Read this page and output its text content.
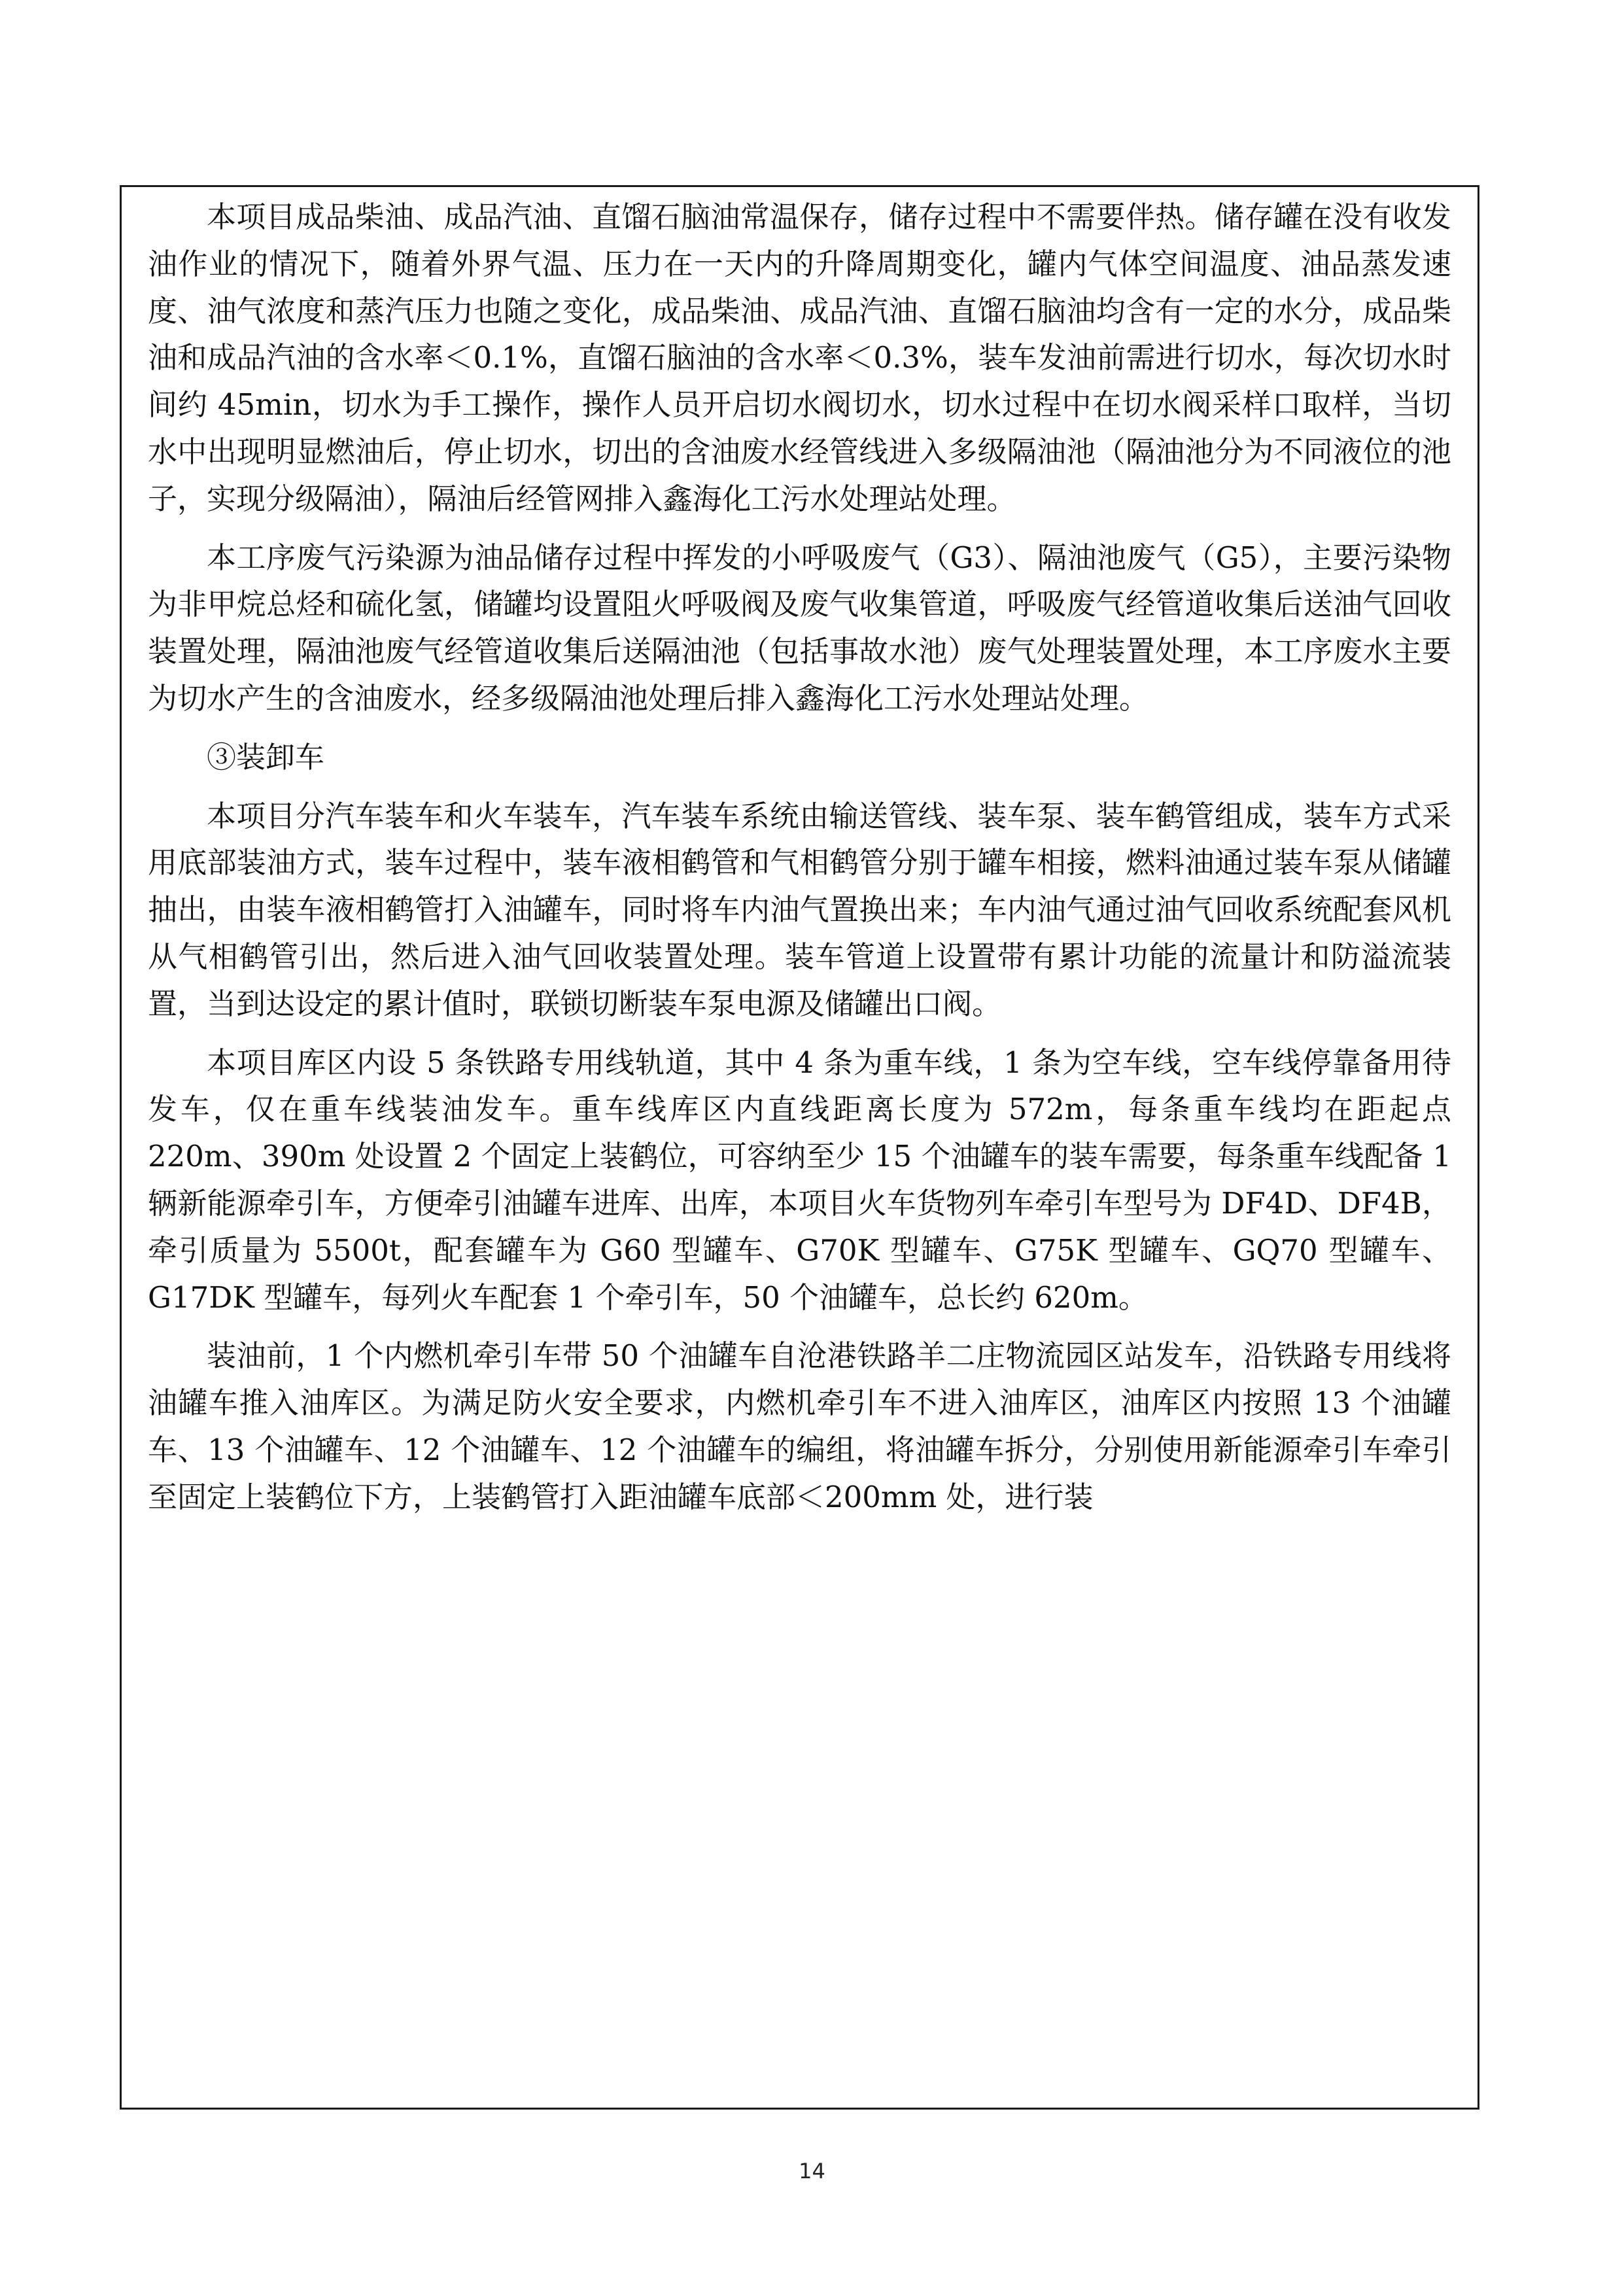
本项目成品柴油、成品汽油、直馏石脑油常温保存，储存过程中不需要伴热。储存罐在没有收发油作业的情况下，随着外界气温、压力在一天内的升降周期变化，罐内气体空间温度、油品蒸发速度、油气浓度和蒸汽压力也随之变化，成品柴油、成品汽油、直馏石脑油均含有一定的水分，成品柴油和成品汽油的含水率＜0.1%，直馏石脑油的含水率＜0.3%，装车发油前需进行切水，每次切水时间约 45min，切水为手工操作，操作人员开启切水阀切水，切水过程中在切水阀采样口取样，当切水中出现明显燃油后，停止切水，切出的含油废水经管线进入多级隔油池（隔油池分为不同液位的池子，实现分级隔油），隔油后经管网排入鑫海化工污水处理站处理。

本工序废气污染源为油品储存过程中挥发的小呼吸废气（G3）、隔油池废气（G5），主要污染物为非甲烷总烃和硫化氢，储罐均设置阻火呼吸阀及废气收集管道，呼吸废气经管道收集后送油气回收装置处理，隔油池废气经管道收集后送隔油池（包括事故水池）废气处理装置处理，本工序废水主要为切水产生的含油废水，经多级隔油池处理后排入鑫海化工污水处理站处理。

③装卸车

本项目分汽车装车和火车装车，汽车装车系统由输送管线、装车泵、装车鹤管组成，装车方式采用底部装油方式，装车过程中，装车液相鹤管和气相鹤管分别于罐车相接，燃料油通过装车泵从储罐抽出，由装车液相鹤管打入油罐车，同时将车内油气置换出来；车内油气通过油气回收系统配套风机从气相鹤管引出，然后进入油气回收装置处理。装车管道上设置带有累计功能的流量计和防溢流装置，当到达设定的累计值时，联锁切断装车泵电源及储罐出口阀。

本项目库区内设 5 条铁路专用线轨道，其中 4 条为重车线，1 条为空车线，空车线停靠备用待发车，仅在重车线装油发车。重车线库区内直线距离长度为 572m，每条重车线均在距起点 220m、390m 处设置 2 个固定上装鹤位，可容纳至少 15 个油罐车的装车需要，每条重车线配备 1 辆新能源牵引车，方便牵引油罐车进库、出库，本项目火车货物列车牵引车型号为 DF4D、DF4B，牵引质量为 5500t，配套罐车为 G60 型罐车、G70K 型罐车、G75K 型罐车、GQ70 型罐车、G17DK 型罐车，每列火车配套 1 个牵引车，50 个油罐车，总长约 620m。

装油前，1 个内燃机牵引车带 50 个油罐车自沧港铁路羊二庄物流园区站发车，沿铁路专用线将油罐车推入油库区。为满足防火安全要求，内燃机牵引车不进入油库区，油库区内按照 13 个油罐车、13 个油罐车、12 个油罐车、12 个油罐车的编组，将油罐车拆分，分别使用新能源牵引车牵引至固定上装鹤位下方，上装鹤管打入距油罐车底部＜200mm 处，进行装

14
